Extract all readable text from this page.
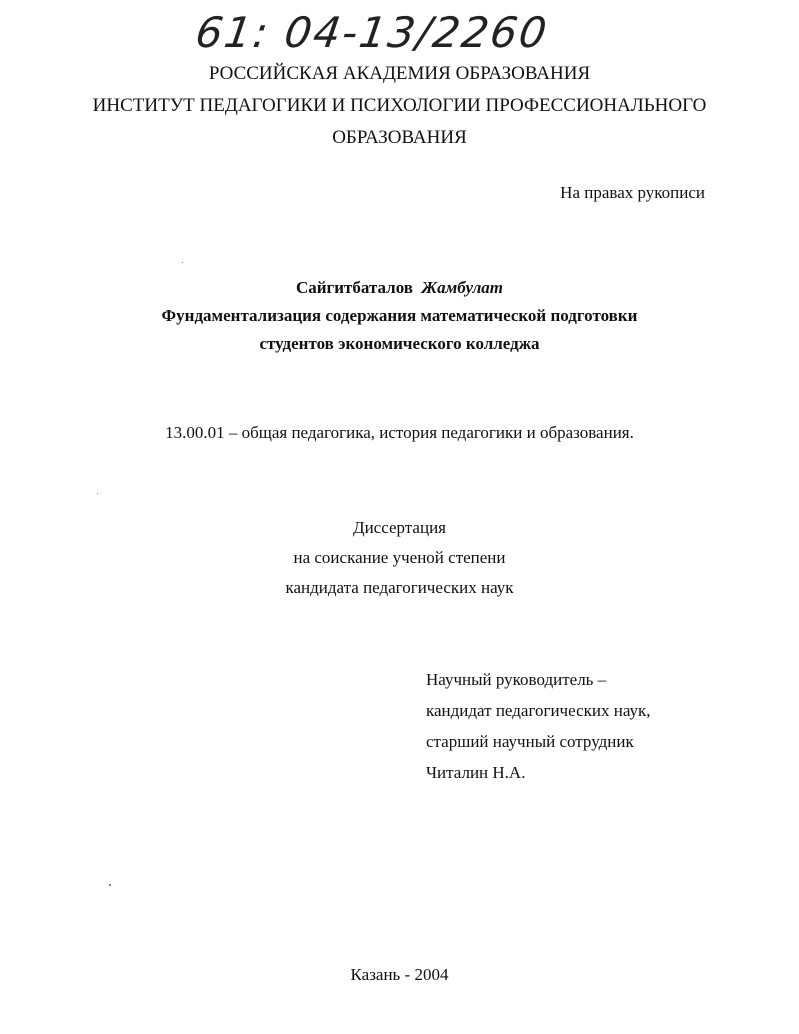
61: 04-13/2260
РОССИЙСКАЯ АКАДЕМИЯ ОБРАЗОВАНИЯ
ИНСТИТУТ ПЕДАГОГИКИ И ПСИХОЛОГИИ ПРОФЕССИОНАЛЬНОГО
ОБРАЗОВАНИЯ
На правах рукописи
Сайгитбаталов Жамбулат
Фундаментализация содержания математической подготовки
студентов экономического колледжа
13.00.01 – общая педагогика, история педагогики и образования.
Диссертация
на соискание ученой степени
кандидата педагогических наук
Научный руководитель –
кандидат педагогических наук,
старший научный сотрудник
Читалин Н.А.
Казань - 2004
